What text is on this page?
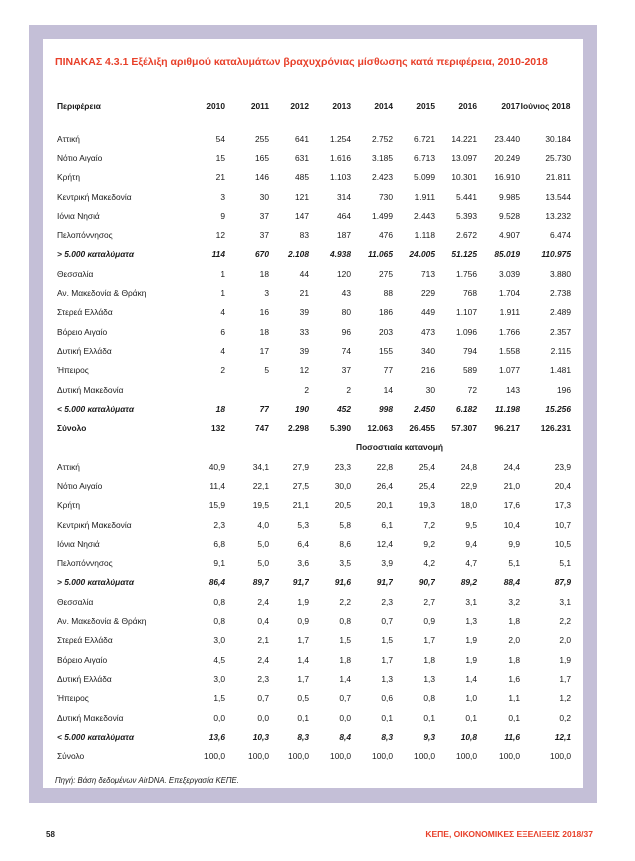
ΠΙΝΑΚΑΣ 4.3.1 Εξέλιξη αριθμού καταλυμάτων βραχυχρόνιας μίσθωσης κατά περιφέρεια, 2010-2018
Περιφέρεια	2010	2011	2012	2013	2014	2015	2016	2017	Ιούνιος 2018
Αττική	54	255	641	1.254	2.752	6.721	14.221	23.440	30.184
Νότιο Αιγαίο	15	165	631	1.616	3.185	6.713	13.097	20.249	25.730
Κρήτη	21	146	485	1.103	2.423	5.099	10.301	16.910	21.811
Κεντρική Μακεδονία	3	30	121	314	730	1.911	5.441	9.985	13.544
Ιόνια Νησιά	9	37	147	464	1.499	2.443	5.393	9.528	13.232
Πελοπόννησος	12	37	83	187	476	1.118	2.672	4.907	6.474
> 5.000 καταλύματα	114	670	2.108	4.938	11.065	24.005	51.125	85.019	110.975
Θεσσαλία	1	18	44	120	275	713	1.756	3.039	3.880
Αν. Μακεδονία & Θράκη	1	3	21	43	88	229	768	1.704	2.738
Στερεά Ελλάδα	4	16	39	80	186	449	1.107	1.911	2.489
Βόρειο Αιγαίο	6	18	33	96	203	473	1.096	1.766	2.357
Δυτική Ελλάδα	4	17	39	74	155	340	794	1.558	2.115
Ήπειρος	2	5	12	37	77	216	589	1.077	1.481
Δυτική Μακεδονία			2	2	14	30	72	143	196
< 5.000 καταλύματα	18	77	190	452	998	2.450	6.182	11.198	15.256
Σύνολο	132	747	2.298	5.390	12.063	26.455	57.307	96.217	126.231
Ποσοστιαία κατανομή									
Αττική	40,9	34,1	27,9	23,3	22,8	25,4	24,8	24,4	23,9
Νότιο Αιγαίο	11,4	22,1	27,5	30,0	26,4	25,4	22,9	21,0	20,4
Κρήτη	15,9	19,5	21,1	20,5	20,1	19,3	18,0	17,6	17,3
Κεντρική Μακεδονία	2,3	4,0	5,3	5,8	6,1	7,2	9,5	10,4	10,7
Ιόνια Νησιά	6,8	5,0	6,4	8,6	12,4	9,2	9,4	9,9	10,5
Πελοπόννησος	9,1	5,0	3,6	3,5	3,9	4,2	4,7	5,1	5,1
> 5.000 καταλύματα	86,4	89,7	91,7	91,6	91,7	90,7	89,2	88,4	87,9
Θεσσαλία	0,8	2,4	1,9	2,2	2,3	2,7	3,1	3,2	3,1
Αν. Μακεδονία & Θράκη	0,8	0,4	0,9	0,8	0,7	0,9	1,3	1,8	2,2
Στερεά Ελλάδα	3,0	2,1	1,7	1,5	1,5	1,7	1,9	2,0	2,0
Βόρειο Αιγαίο	4,5	2,4	1,4	1,8	1,7	1,8	1,9	1,8	1,9
Δυτική Ελλάδα	3,0	2,3	1,7	1,4	1,3	1,3	1,4	1,6	1,7
Ήπειρος	1,5	0,7	0,5	0,7	0,6	0,8	1,0	1,1	1,2
Δυτική Μακεδονία	0,0	0,0	0,1	0,0	0,1	0,1	0,1	0,1	0,2
< 5.000 καταλύματα	13,6	10,3	8,3	8,4	8,3	9,3	10,8	11,6	12,1
Σύνολο	100,0	100,0	100,0	100,0	100,0	100,0	100,0	100,0	100,0
Πηγή: Βάση δεδομένων AirDNA. Επεξεργασία ΚΕΠΕ.
58	ΚΕΠΕ, ΟΙΚΟΝΟΜΙΚΕΣ ΕΞΕΛΙΞΕΙΣ 2018/37
